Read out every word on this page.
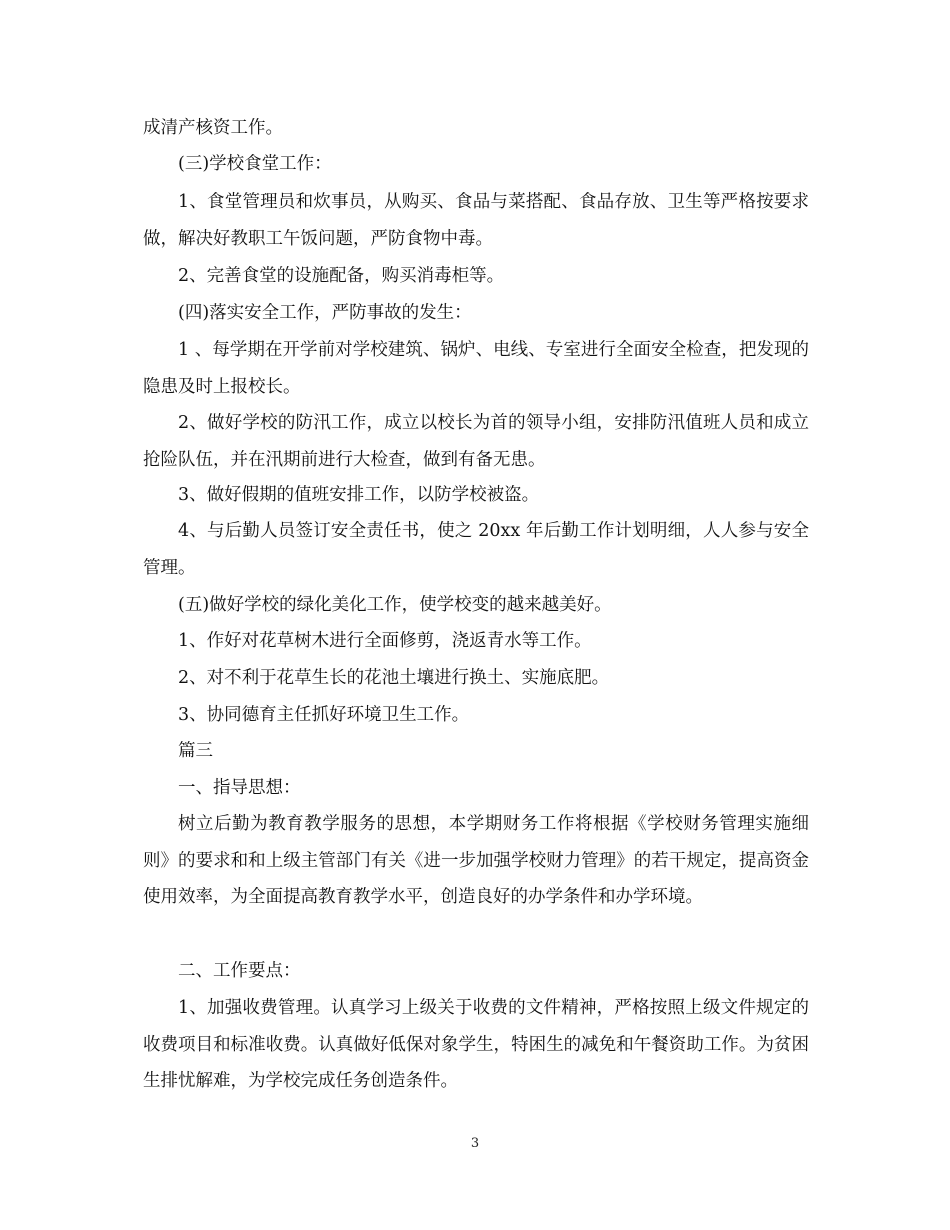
成清产核资工作。

(三)学校食堂工作：

1、食堂管理员和炊事员，从购买、食品与菜搭配、食品存放、卫生等严格按要求做，解决好教职工午饭问题，严防食物中毒。

2、完善食堂的设施配备，购买消毒柜等。

(四)落实安全工作，严防事故的发生：

1 、每学期在开学前对学校建筑、锅炉、电线、专室进行全面安全检查，把发现的隐患及时上报校长。

2、做好学校的防汛工作，成立以校长为首的领导小组，安排防汛值班人员和成立抢险队伍，并在汛期前进行大检查，做到有备无患。

3、做好假期的值班安排工作，以防学校被盗。

4、与后勤人员签订安全责任书，使之 20xx 年后勤工作计划明细，人人参与安全管理。

(五)做好学校的绿化美化工作，使学校变的越来越美好。

1、作好对花草树木进行全面修剪，浇返青水等工作。

2、对不利于花草生长的花池土壤进行换土、实施底肥。

3、协同德育主任抓好环境卫生工作。

篇三

一、指导思想：

树立后勤为教育教学服务的思想，本学期财务工作将根据《学校财务管理实施细则》的要求和和上级主管部门有关《进一步加强学校财力管理》的若干规定，提高资金使用效率，为全面提高教育教学水平，创造良好的办学条件和办学环境。

二、工作要点：

1、加强收费管理。认真学习上级关于收费的文件精神，严格按照上级文件规定的收费项目和标准收费。认真做好低保对象学生，特困生的减免和午餐资助工作。为贫困生排忧解难，为学校完成任务创造条件。

3
